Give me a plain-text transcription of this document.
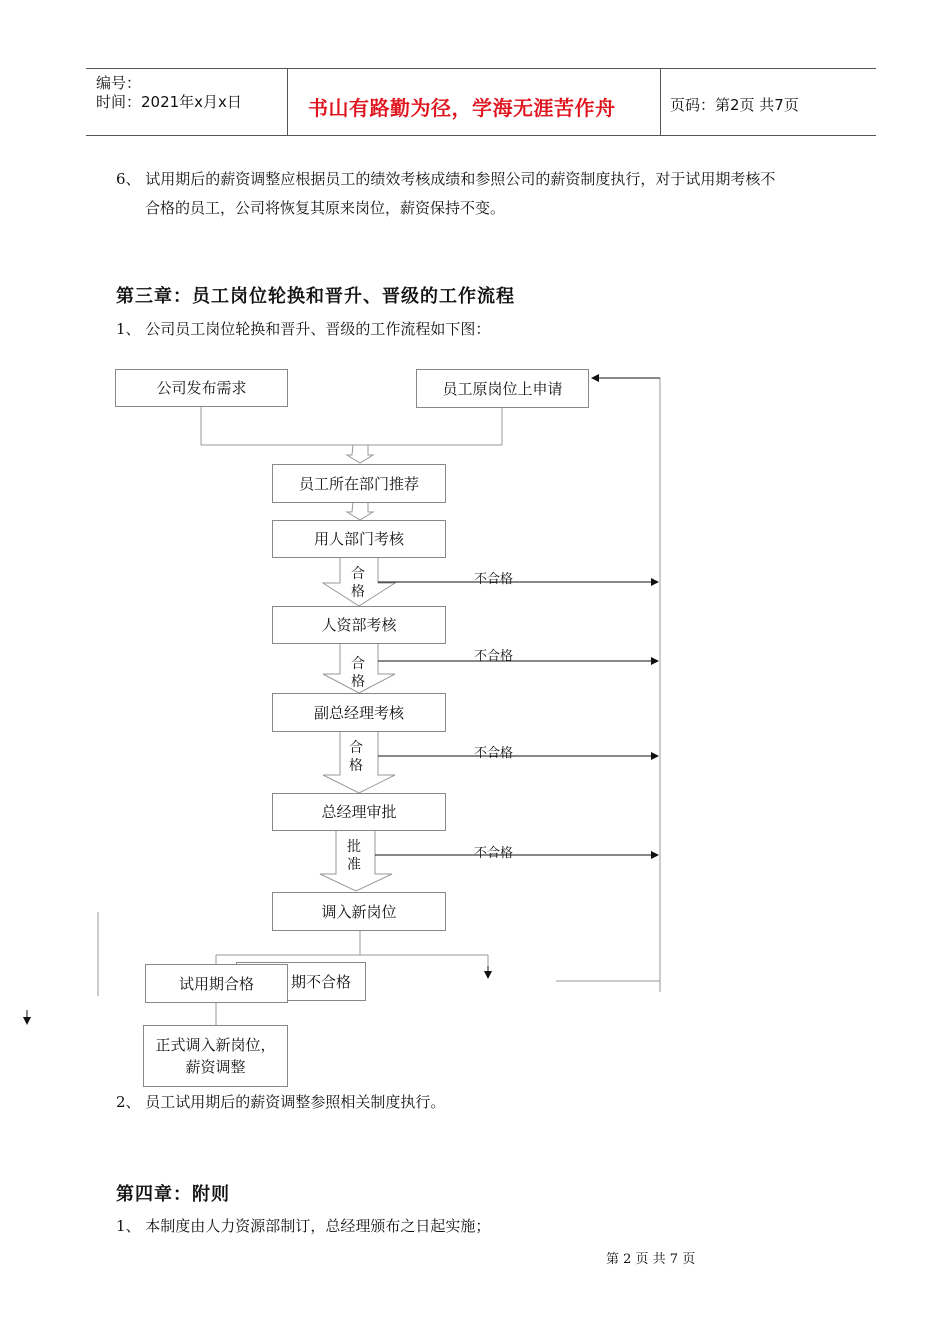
编号：
时间：2021年x月x日	书山有路勤为径，学海无涯苦作舟	页码：第2页 共7页
6、 试用期后的薪资调整应根据员工的绩效考核成绩和参照公司的薪资制度执行，对于试用期考核不
合格的员工，公司将恢复其原来岗位，薪资保持不变。
第三章：员工岗位轮换和晋升、晋级的工作流程
1、 公司员工岗位轮换和晋升、晋级的工作流程如下图：
公司发布需求	员工原岗位上申请
员工所在部门推荐
用人部门考核
人资部考核
副总经理考核
总经理审批
调入新岗位
期不合格
试用期合格
正式调入新岗位，
薪资调整
合格
合格
合格
批准
不合格
不合格
不合格
不合格
2、 员工试用期后的薪资调整参照相关制度执行。
第四章：附则
1、 本制度由人力资源部制订，总经理颁布之日起实施；
第 2 页 共 7 页
